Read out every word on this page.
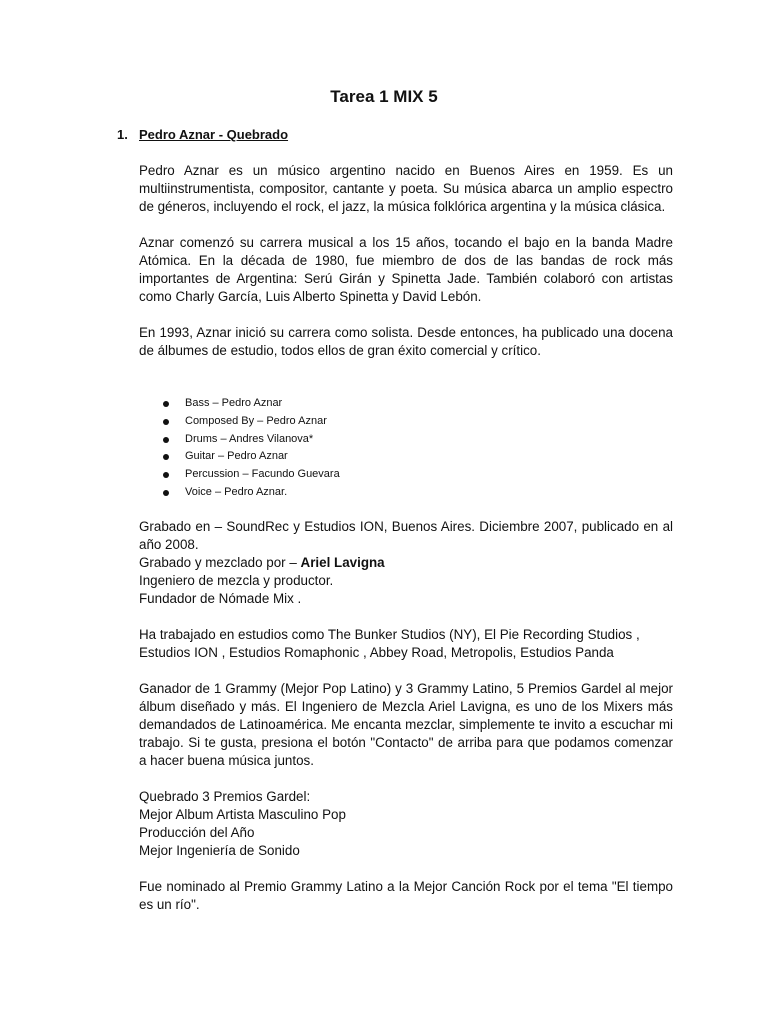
Tarea 1 MIX 5
1. Pedro Aznar - Quebrado

Pedro Aznar es un músico argentino nacido en Buenos Aires en 1959. Es un multiinstrumentista, compositor, cantante y poeta. Su música abarca un amplio espectro de géneros, incluyendo el rock, el jazz, la música folklórica argentina y la música clásica.

Aznar comenzó su carrera musical a los 15 años, tocando el bajo en la banda Madre Atómica. En la década de 1980, fue miembro de dos de las bandas de rock más importantes de Argentina: Serú Girán y Spinetta Jade. También colaboró con artistas como Charly García, Luis Alberto Spinetta y David Lebón.

En 1993, Aznar inició su carrera como solista. Desde entonces, ha publicado una docena de álbumes de estudio, todos ellos de gran éxito comercial y crítico.

Bass – Pedro Aznar
Composed By – Pedro Aznar
Drums – Andres Vilanova*
Guitar – Pedro Aznar
Percussion – Facundo Guevara
Voice – Pedro Aznar.

Grabado en – SoundRec y Estudios ION, Buenos Aires. Diciembre 2007, publicado en al año 2008.

Grabado y mezclado por – Ariel Lavigna
Ingeniero de mezcla y productor.
Fundador de Nómade Mix .

Ha trabajado en estudios como The Bunker Studios (NY), El Pie Recording Studios , Estudios ION , Estudios Romaphonic , Abbey Road, Metropolis, Estudios Panda

Ganador de 1 Grammy (Mejor Pop Latino) y 3 Grammy Latino, 5 Premios Gardel al mejor álbum diseñado y más. El Ingeniero de Mezcla Ariel Lavigna, es uno de los Mixers más demandados de Latinoamérica. Me encanta mezclar, simplemente te invito a escuchar mi trabajo. Si te gusta, presiona el botón "Contacto" de arriba para que podamos comenzar a hacer buena música juntos.

Quebrado 3 Premios Gardel:
Mejor Album Artista Masculino Pop
Producción del Año
Mejor Ingeniería de Sonido

Fue nominado al Premio Grammy Latino a la Mejor Canción Rock por el tema "El tiempo es un río".
